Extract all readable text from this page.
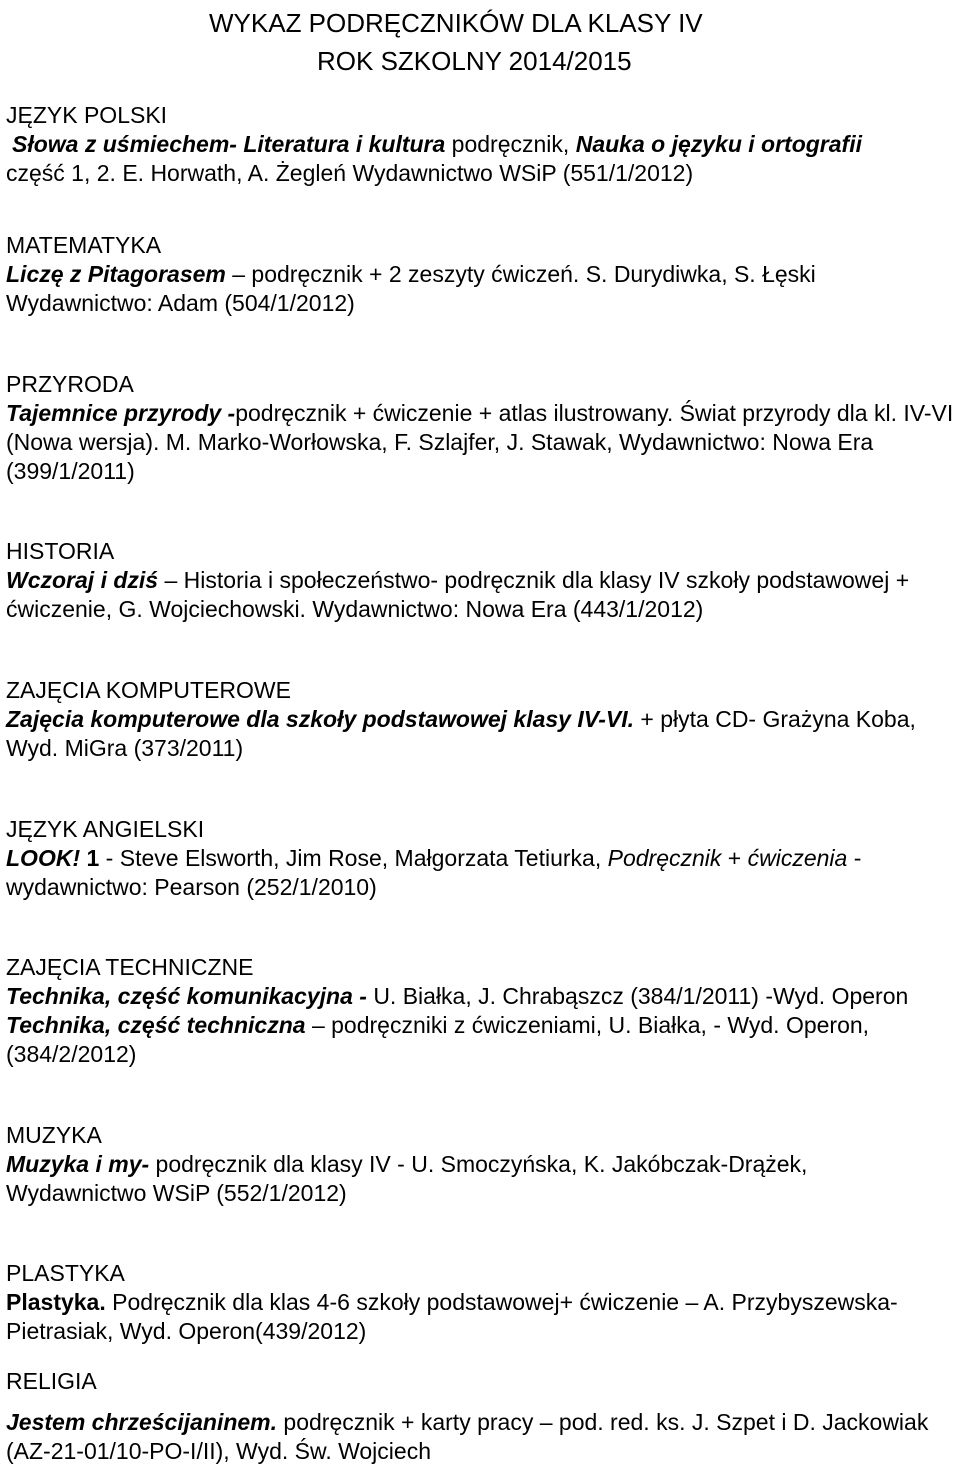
WYKAZ PODRĘCZNIKÓW DLA KLASY IV
ROK SZKOLNY 2014/2015
JĘZYK POLSKI
Słowa z uśmiechem- Literatura i kultura podręcznik, Nauka o języku i ortografii
część 1, 2. E. Horwath, A. Żegleń Wydawnictwo WSiP (551/1/2012)
MATEMATYKA
Liczę z Pitagorasem – podręcznik + 2 zeszyty ćwiczeń. S. Durydiwka, S. Łęski
Wydawnictwo: Adam (504/1/2012)
PRZYRODA
Tajemnice przyrody -podręcznik + ćwiczenie + atlas ilustrowany. Świat przyrody dla kl. IV-VI (Nowa wersja). M. Marko-Worłowska, F. Szlajfer, J. Stawak, Wydawnictwo: Nowa Era (399/1/2011)
HISTORIA
Wczoraj i dziś – Historia i społeczeństwo- podręcznik dla klasy IV szkoły podstawowej + ćwiczenie, G. Wojciechowski. Wydawnictwo: Nowa Era (443/1/2012)
ZAJĘCIA KOMPUTEROWE
Zajęcia komputerowe dla szkoły podstawowej klasy IV-VI. + płyta CD- Grażyna Koba, Wyd. MiGra (373/2011)
JĘZYK ANGIELSKI
LOOK! 1 - Steve Elsworth, Jim Rose, Małgorzata Tetiurka, Podręcznik + ćwiczenia - wydawnictwo: Pearson (252/1/2010)
ZAJĘCIA TECHNICZNE
Technika, część komunikacyjna - U. Białka, J. Chrabąszcz (384/1/2011) -Wyd. Operon
Technika, część techniczna – podręczniki z ćwiczeniami, U. Białka, - Wyd. Operon, (384/2/2012)
MUZYKA
Muzyka i my- podręcznik dla klasy IV - U. Smoczyńska, K. Jakóbczak-Drążek, Wydawnictwo WSiP (552/1/2012)
PLASTYKA
Plastyka. Podręcznik dla klas 4-6 szkoły podstawowej+ ćwiczenie – A. Przybyszewska-Pietrasiak, Wyd. Operon(439/2012)
RELIGIA
Jestem chrześcijaninem. podręcznik + karty pracy – pod. red. ks. J. Szpet i D. Jackowiak (AZ-21-01/10-PO-I/II), Wyd. Św. Wojciech
